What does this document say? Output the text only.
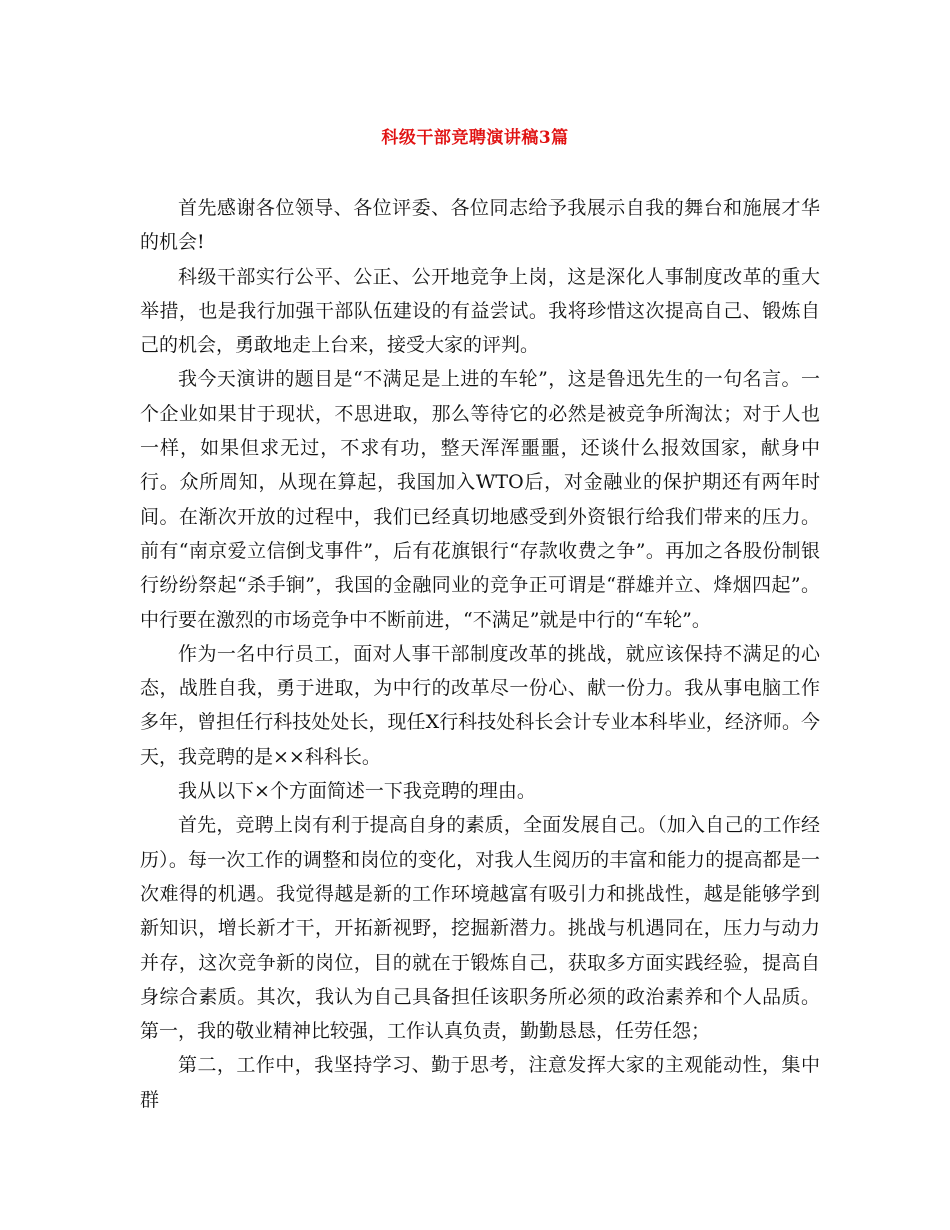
科级干部竞聘演讲稿3篇

首先感谢各位领导、各位评委、各位同志给予我展示自我的舞台和施展才华的机会!

科级干部实行公平、公正、公开地竞争上岗，这是深化人事制度改革的重大举措，也是我行加强干部队伍建设的有益尝试。我将珍惜这次提高自己、锻炼自己的机会，勇敢地走上台来，接受大家的评判。

我今天演讲的题目是“不满足是上进的车轮”，这是鲁迅先生的一句名言。一个企业如果甘于现状，不思进取，那么等待它的必然是被竞争所淘汰；对于人也一样，如果但求无过，不求有功，整天浑浑噩噩，还谈什么报效国家，献身中行。众所周知，从现在算起，我国加入WTO后，对金融业的保护期还有两年时间。在渐次开放的过程中，我们已经真切地感受到外资银行给我们带来的压力。前有“南京爱立信倒戈事件”，后有花旗银行“存款收费之争”。再加之各股份制银行纷纷祭起“杀手锏”，我国的金融同业的竞争正可谓是“群雄并立、烽烟四起”。中行要在激烈的市场竞争中不断前进，“不满足”就是中行的“车轮”。

作为一名中行员工，面对人事干部制度改革的挑战，就应该保持不满足的心态，战胜自我，勇于进取，为中行的改革尽一份心、献一份力。我从事电脑工作多年，曾担任行科技处处长，现任X行科技处科长会计专业本科毕业，经济师。今天，我竞聘的是××科科长。

我从以下×个方面简述一下我竞聘的理由。

首先，竞聘上岗有利于提高自身的素质，全面发展自己。（加入自己的工作经历）。每一次工作的调整和岗位的变化，对我人生阅历的丰富和能力的提高都是一次难得的机遇。我觉得越是新的工作环境越富有吸引力和挑战性，越是能够学到新知识，增长新才干，开拓新视野，挖掘新潜力。挑战与机遇同在，压力与动力并存，这次竞争新的岗位，目的就在于锻炼自己，获取多方面实践经验，提高自身综合素质。其次，我认为自己具备担任该职务所必须的政治素养和个人品质。第一，我的敬业精神比较强，工作认真负责，勤勤恳恳，任劳任怨；

第二，工作中，我坚持学习、勤于思考，注意发挥大家的主观能动性，集中群
